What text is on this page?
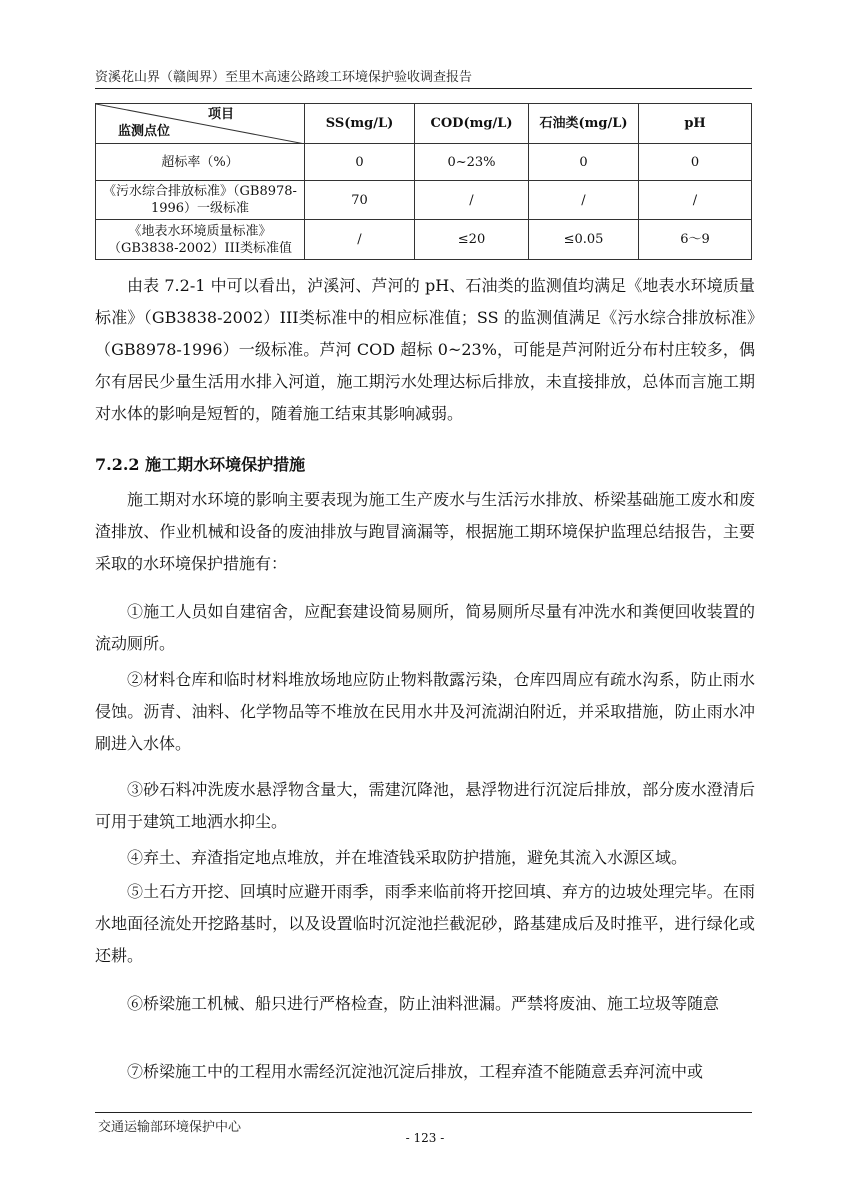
资溪花山界（赣闽界）至里木高速公路竣工环境保护验收调查报告
项目
监测点位	SS(mg/L)	COD(mg/L)	石油类(mg/L)	pH
超标率（%）	0	0~23%	0	0
《污水综合排放标准》（GB8978-1996）一级标准	70	/	/	/
《地表水环境质量标准》（GB3838-2002）III类标准值	/	≤20	≤0.05	6～9

由表 7.2-1 中可以看出，泸溪河、芦河的 pH、石油类的监测值均满足《地表水环境质量标准》（GB3838-2002）III类标准中的相应标准值；SS 的监测值满足《污水综合排放标准》（GB8978-1996）一级标准。芦河 COD 超标 0~23%，可能是芦河附近分布村庄较多，偶尔有居民少量生活用水排入河道，施工期污水处理达标后排放，未直接排放，总体而言施工期对水体的影响是短暂的，随着施工结束其影响减弱。

7.2.2 施工期水环境保护措施

施工期对水环境的影响主要表现为施工生产废水与生活污水排放、桥梁基础施工废水和废渣排放、作业机械和设备的废油排放与跑冒滴漏等，根据施工期环境保护监理总结报告，主要采取的水环境保护措施有：

①施工人员如自建宿舍，应配套建设简易厕所，简易厕所尽量有冲洗水和粪便回收装置的流动厕所。

②材料仓库和临时材料堆放场地应防止物料散露污染，仓库四周应有疏水沟系，防止雨水侵蚀。沥青、油料、化学物品等不堆放在民用水井及河流湖泊附近，并采取措施，防止雨水冲刷进入水体。

③砂石料冲洗废水悬浮物含量大，需建沉降池，悬浮物进行沉淀后排放，部分废水澄清后可用于建筑工地洒水抑尘。

④弃土、弃渣指定地点堆放，并在堆渣钱采取防护措施，避免其流入水源区域。

⑤土石方开挖、回填时应避开雨季，雨季来临前将开挖回填、弃方的边坡处理完毕。在雨水地面径流处开挖路基时，以及设置临时沉淀池拦截泥砂，路基建成后及时推平，进行绿化或还耕。

⑥桥梁施工机械、船只进行严格检查，防止油料泄漏。严禁将废油、施工垃圾等随意

⑦桥梁施工中的工程用水需经沉淀池沉淀后排放，工程弃渣不能随意丢弃河流中或

交通运输部环境保护中心
- 123 -
